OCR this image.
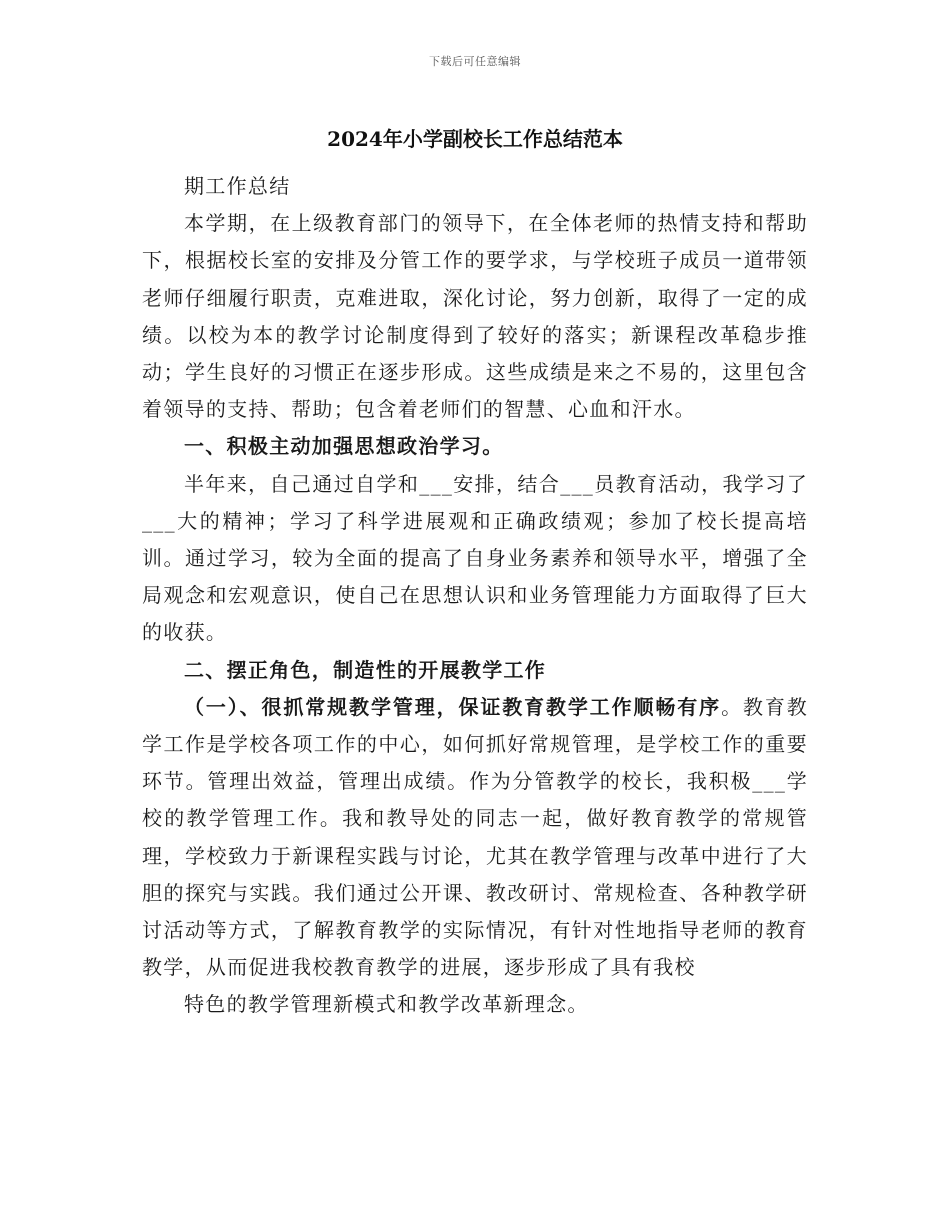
下载后可任意编辑
2024年小学副校长工作总结范本

期工作总结

本学期，在上级教育部门的领导下，在全体老师的热情支持和帮助下，根据校长室的安排及分管工作的要学求，与学校班子成员一道带领老师仔细履行职责，克难进取，深化讨论，努力创新，取得了一定的成绩。以校为本的教学讨论制度得到了较好的落实；新课程改革稳步推动；学生良好的习惯正在逐步形成。这些成绩是来之不易的，这里包含着领导的支持、帮助；包含着老师们的智慧、心血和汗水。

一、积极主动加强思想政治学习。

半年来，自己通过自学和___安排，结合___员教育活动，我学习了___大的精神；学习了科学进展观和正确政绩观；参加了校长提高培训。通过学习，较为全面的提高了自身业务素养和领导水平，增强了全局观念和宏观意识，使自己在思想认识和业务管理能力方面取得了巨大的收获。

二、摆正角色，制造性的开展教学工作

（一）、很抓常规教学管理，保证教育教学工作顺畅有序。教育教学工作是学校各项工作的中心，如何抓好常规管理，是学校工作的重要环节。管理出效益，管理出成绩。作为分管教学的校长，我积极___学校的教学管理工作。我和教导处的同志一起，做好教育教学的常规管理，学校致力于新课程实践与讨论，尤其在教学管理与改革中进行了大胆的探究与实践。我们通过公开课、教改研讨、常规检查、各种教学研讨活动等方式，了解教育教学的实际情况，有针对性地指导老师的教育教学，从而促进我校教育教学的进展，逐步形成了具有我校

特色的教学管理新模式和教学改革新理念。
